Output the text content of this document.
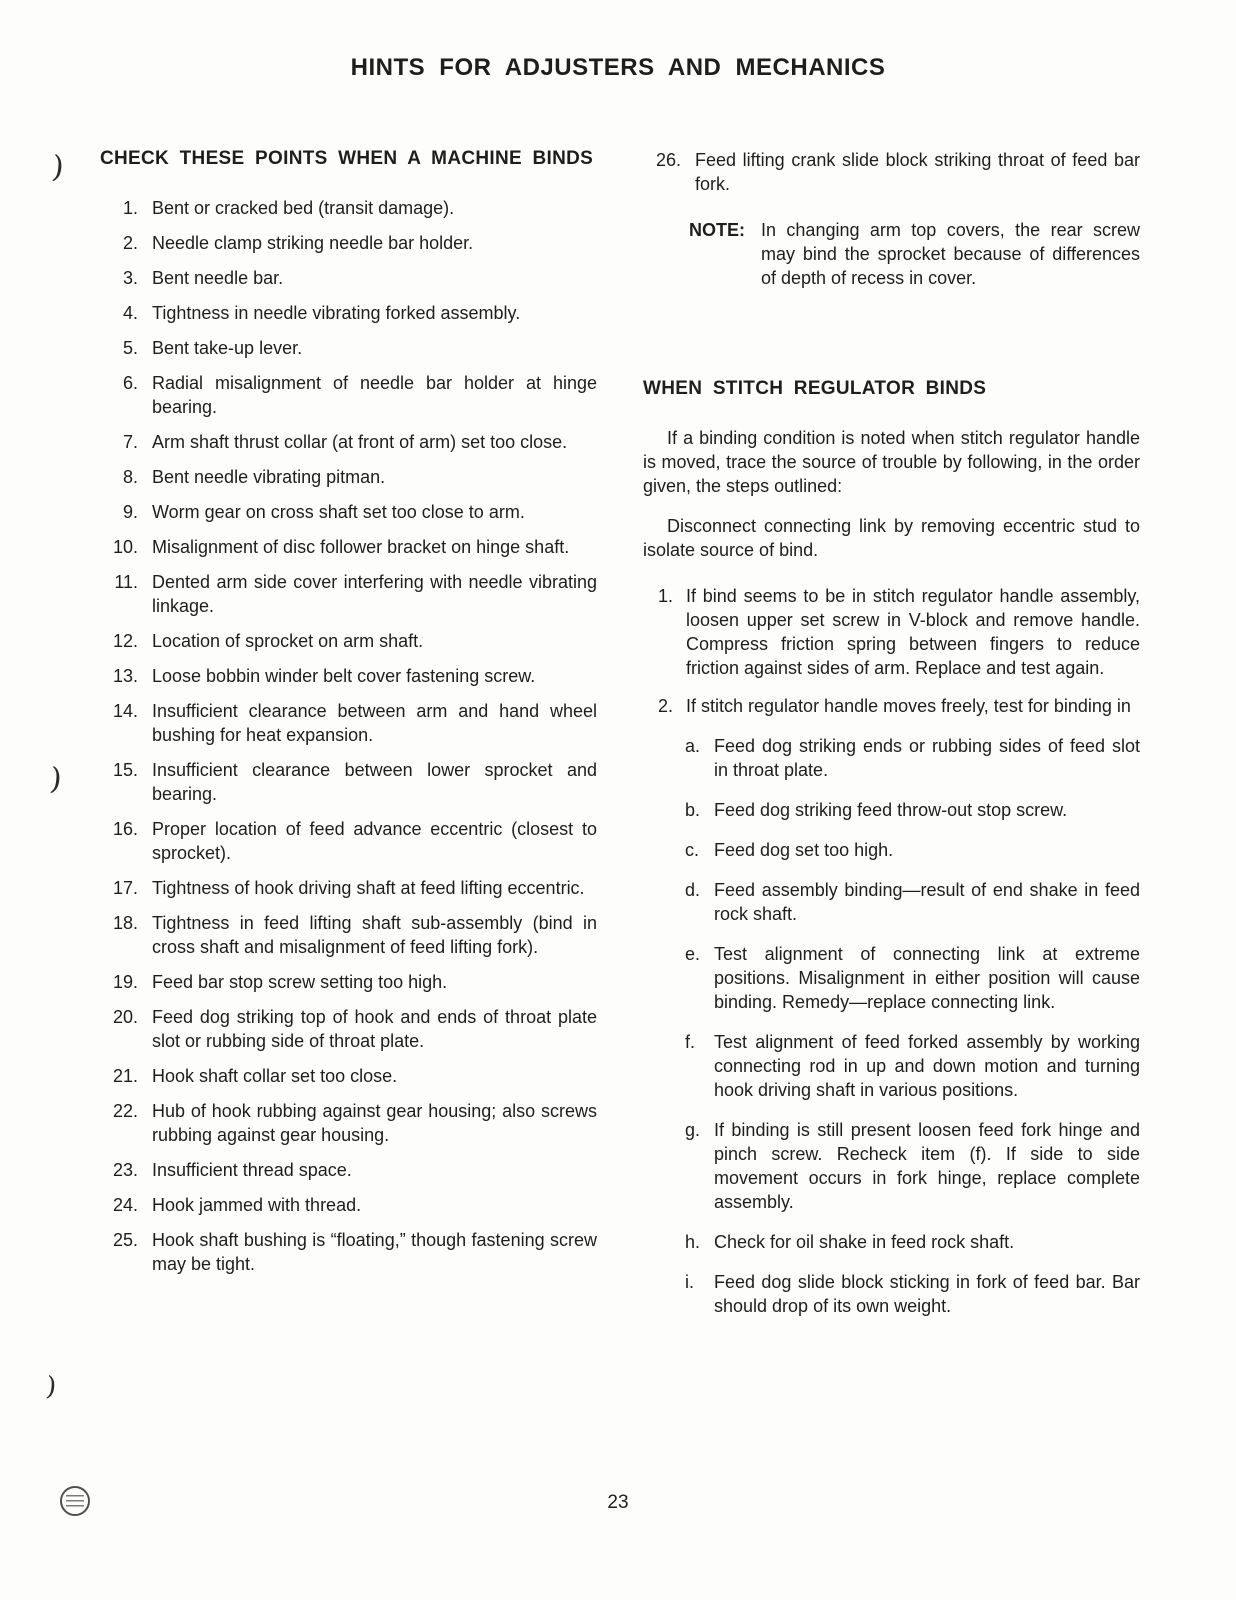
)
)
)
HINTS FOR ADJUSTERS AND MECHANICS
CHECK THESE POINTS WHEN A MACHINE BINDS
1. Bent or cracked bed (transit damage).
2. Needle clamp striking needle bar holder.
3. Bent needle bar.
4. Tightness in needle vibrating forked assembly.
5. Bent take-up lever.
6. Radial misalignment of needle bar holder at hinge bearing.
7. Arm shaft thrust collar (at front of arm) set too close.
8. Bent needle vibrating pitman.
9. Worm gear on cross shaft set too close to arm.
10. Misalignment of disc follower bracket on hinge shaft.
11. Dented arm side cover interfering with needle vibrating linkage.
12. Location of sprocket on arm shaft.
13. Loose bobbin winder belt cover fastening screw.
14. Insufficient clearance between arm and hand wheel bushing for heat expansion.
15. Insufficient clearance between lower sprocket and bearing.
16. Proper location of feed advance eccentric (closest to sprocket).
17. Tightness of hook driving shaft at feed lifting eccentric.
18. Tightness in feed lifting shaft sub-assembly (bind in cross shaft and misalignment of feed lifting fork).
19. Feed bar stop screw setting too high.
20. Feed dog striking top of hook and ends of throat plate slot or rubbing side of throat plate.
21. Hook shaft collar set too close.
22. Hub of hook rubbing against gear housing; also screws rubbing against gear housing.
23. Insufficient thread space.
24. Hook jammed with thread.
25. Hook shaft bushing is “floating,” though fastening screw may be tight.
26. Feed lifting crank slide block striking throat of feed bar fork.
NOTE: In changing arm top covers, the rear screw may bind the sprocket because of differences of depth of recess in cover.
WHEN STITCH REGULATOR BINDS

If a binding condition is noted when stitch regulator handle is moved, trace the source of trouble by following, in the order given, the steps outlined:

Disconnect connecting link by removing eccentric stud to isolate source of bind.

1. If bind seems to be in stitch regulator handle assembly, loosen upper set screw in V-block and remove handle. Compress friction spring between fingers to reduce friction against sides of arm. Replace and test again.
2. If stitch regulator handle moves freely, test for binding in
a. Feed dog striking ends or rubbing sides of feed slot in throat plate.
b. Feed dog striking feed throw-out stop screw.
c. Feed dog set too high.
d. Feed assembly binding—result of end shake in feed rock shaft.
e. Test alignment of connecting link at extreme positions. Misalignment in either position will cause binding. Remedy—replace connecting link.
f.	Test alignment of feed forked assembly by working connecting rod in up and down motion and turning hook driving shaft in various positions.
g. If binding is still present loosen feed fork hinge and pinch screw. Recheck item (f). If side to side movement occurs in fork hinge, replace complete assembly.
h. Check for oil shake in feed rock shaft.
i.	Feed dog slide block sticking in fork of feed bar. Bar should drop of its own weight.
23
